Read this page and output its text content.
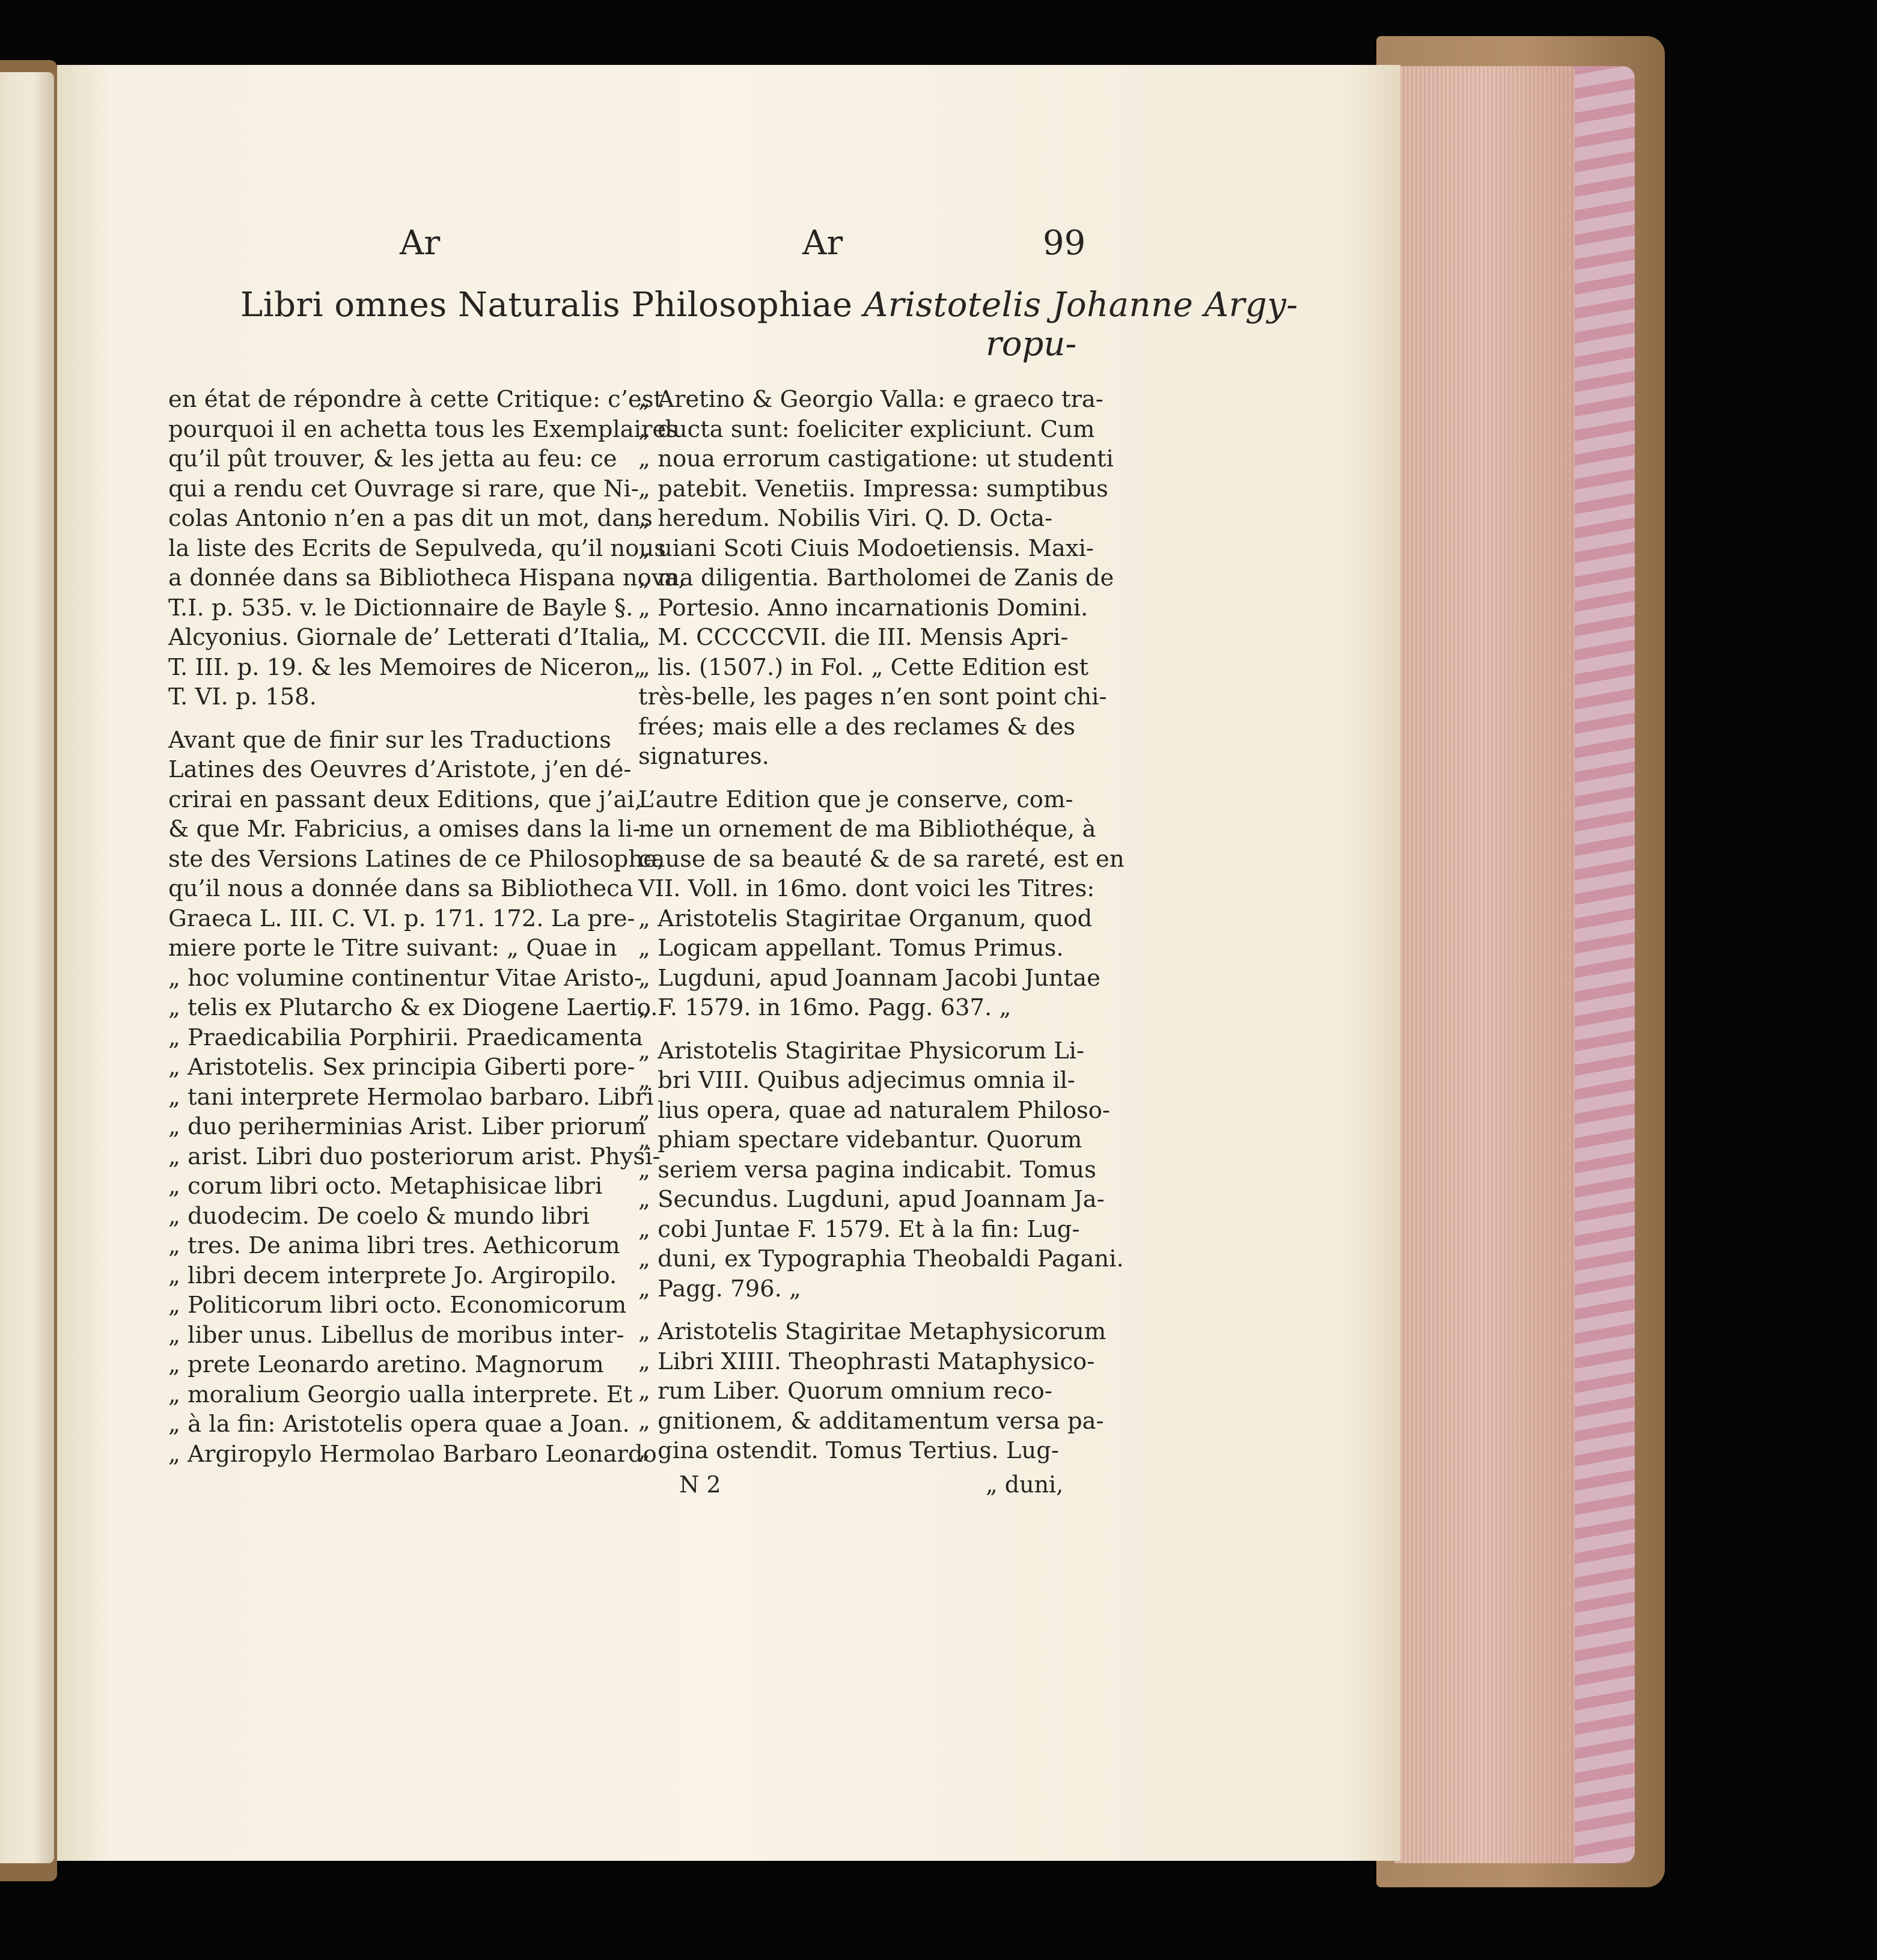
Ar	Ar	99
Libri omnes Naturalis Philosophiae Aristotelis Johanne Argy-
ropu-

en état de répondre à cette Critique: c’est

pourquoi il en achetta tous les Exemplaires

qu’il pût trouver, & les jetta au feu: ce

qui a rendu cet Ouvrage si rare, que Ni-

colas Antonio n’en a pas dit un mot, dans

la liste des Ecrits de Sepulveda, qu’il nous

a donnée dans sa Bibliotheca Hispana nova,

T.I. p. 535. v. le Dictionnaire de Bayle §.

Alcyonius. Giornale de’ Letterati d’Italia

T. III. p. 19. & les Memoires de Niceron,

T. VI. p. 158.

Avant que de finir sur les Traductions

Latines des Oeuvres d’Aristote, j’en dé-

crirai en passant deux Editions, que j’ai,

& que Mr. Fabricius, a omises dans la li-

ste des Versions Latines de ce Philosophe,

qu’il nous a donnée dans sa Bibliotheca

Graeca L. III. C. VI. p. 171. 172. La pre-

miere porte le Titre suivant: „ Quae in

„ hoc volumine continentur Vitae Aristo-

„ telis ex Plutarcho & ex Diogene Laertio.

„ Praedicabilia Porphirii. Praedicamenta

„ Aristotelis. Sex principia Giberti pore-

„ tani interprete Hermolao barbaro. Libri

„ duo periherminias Arist. Liber priorum

„ arist. Libri duo posteriorum arist. Physi-

„ corum libri octo. Metaphisicae libri

„ duodecim. De coelo & mundo libri

„ tres. De anima libri tres. Aethicorum

„ libri decem interprete Jo. Argiropilo.

„ Politicorum libri octo. Economicorum

„ liber unus. Libellus de moribus inter-

„ prete Leonardo aretino. Magnorum

„ moralium Georgio ualla interprete. Et

„ à la fin: Aristotelis opera quae a Joan.

„ Argiropylo Hermolao Barbaro Leonardo

„ Aretino & Georgio Valla: e graeco tra-

„ ducta sunt: foeliciter expliciunt. Cum

„ noua errorum castigatione: ut studenti

„ patebit. Venetiis. Impressa: sumptibus

„ heredum. Nobilis Viri. Q. D. Octa-

„ uiani Scoti Ciuis Modoetiensis. Maxi-

„ ma diligentia. Bartholomei de Zanis de

„ Portesio. Anno incarnationis Domini.

„ M. CCCCCVII. die III. Mensis Apri-

„ lis. (1507.) in Fol. „ Cette Edition est

très-belle, les pages n’en sont point chi-

frées; mais elle a des reclames & des

signatures.

L’autre Edition que je conserve, com-

me un ornement de ma Bibliothéque, à

cause de sa beauté & de sa rareté, est en

VII. Voll. in 16mo. dont voici les Titres:

„ Aristotelis Stagiritae Organum, quod

„ Logicam appellant. Tomus Primus.

„ Lugduni, apud Joannam Jacobi Juntae

„ F. 1579. in 16mo. Pagg. 637. „

„ Aristotelis Stagiritae Physicorum Li-

„ bri VIII. Quibus adjecimus omnia il-

„ lius opera, quae ad naturalem Philoso-

„ phiam spectare videbantur. Quorum

„ seriem versa pagina indicabit. Tomus

„ Secundus. Lugduni, apud Joannam Ja-

„ cobi Juntae F. 1579. Et à la fin: Lug-

„ duni, ex Typographia Theobaldi Pagani.

„ Pagg. 796. „

„ Aristotelis Stagiritae Metaphysicorum

„ Libri XIIII. Theophrasti Mataphysico-

„ rum Liber. Quorum omnium reco-

„ gnitionem, & additamentum versa pa-

„ gina ostendit. Tomus Tertius. Lug-

N 2	„ duni,
